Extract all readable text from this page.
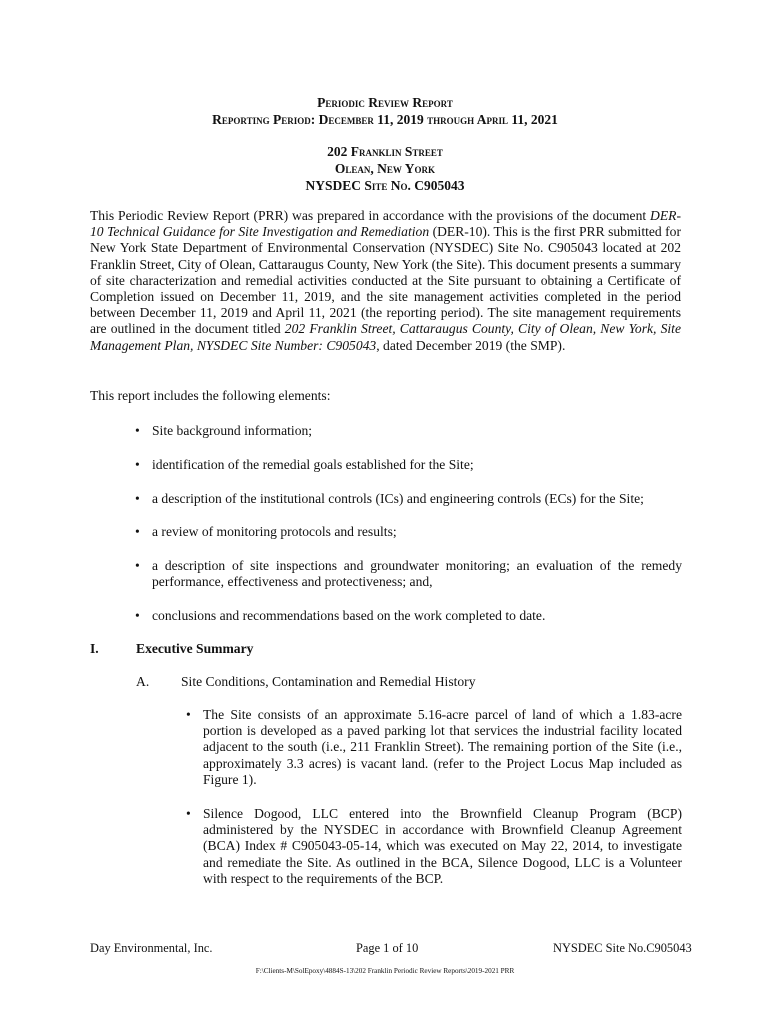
Periodic Review Report
Reporting Period: December 11, 2019 through April 11, 2021
202 Franklin Street
Olean, New York
NYSDEC Site No. C905043
This Periodic Review Report (PRR) was prepared in accordance with the provisions of the document DER-10 Technical Guidance for Site Investigation and Remediation (DER-10). This is the first PRR submitted for New York State Department of Environmental Conservation (NYSDEC) Site No. C905043 located at 202 Franklin Street, City of Olean, Cattaraugus County, New York (the Site). This document presents a summary of site characterization and remedial activities conducted at the Site pursuant to obtaining a Certificate of Completion issued on December 11, 2019, and the site management activities completed in the period between December 11, 2019 and April 11, 2021 (the reporting period). The site management requirements are outlined in the document titled 202 Franklin Street, Cattaraugus County, City of Olean, New York, Site Management Plan, NYSDEC Site Number: C905043, dated December 2019 (the SMP).
This report includes the following elements:
• Site background information;
• identification of the remedial goals established for the Site;
• a description of the institutional controls (ICs) and engineering controls (ECs) for the Site;
• a review of monitoring protocols and results;
• a description of site inspections and groundwater monitoring; an evaluation of the remedy performance, effectiveness and protectiveness; and,
• conclusions and recommendations based on the work completed to date.
I.	Executive Summary
A. Site Conditions, Contamination and Remedial History
• The Site consists of an approximate 5.16-acre parcel of land of which a 1.83-acre portion is developed as a paved parking lot that services the industrial facility located adjacent to the south (i.e., 211 Franklin Street). The remaining portion of the Site (i.e., approximately 3.3 acres) is vacant land. (refer to the Project Locus Map included as Figure 1).
• Silence Dogood, LLC entered into the Brownfield Cleanup Program (BCP) administered by the NYSDEC in accordance with Brownfield Cleanup Agreement (BCA) Index # C905043-05-14, which was executed on May 22, 2014, to investigate and remediate the Site. As outlined in the BCA, Silence Dogood, LLC is a Volunteer with respect to the requirements of the BCP.
Day Environmental, Inc.	Page 1 of 10	NYSDEC Site No.C905043
F:\Clients-M\SolEpoxy\4884S-13\202 Franklin Periodic Review Reports\2019-2021 PRR
